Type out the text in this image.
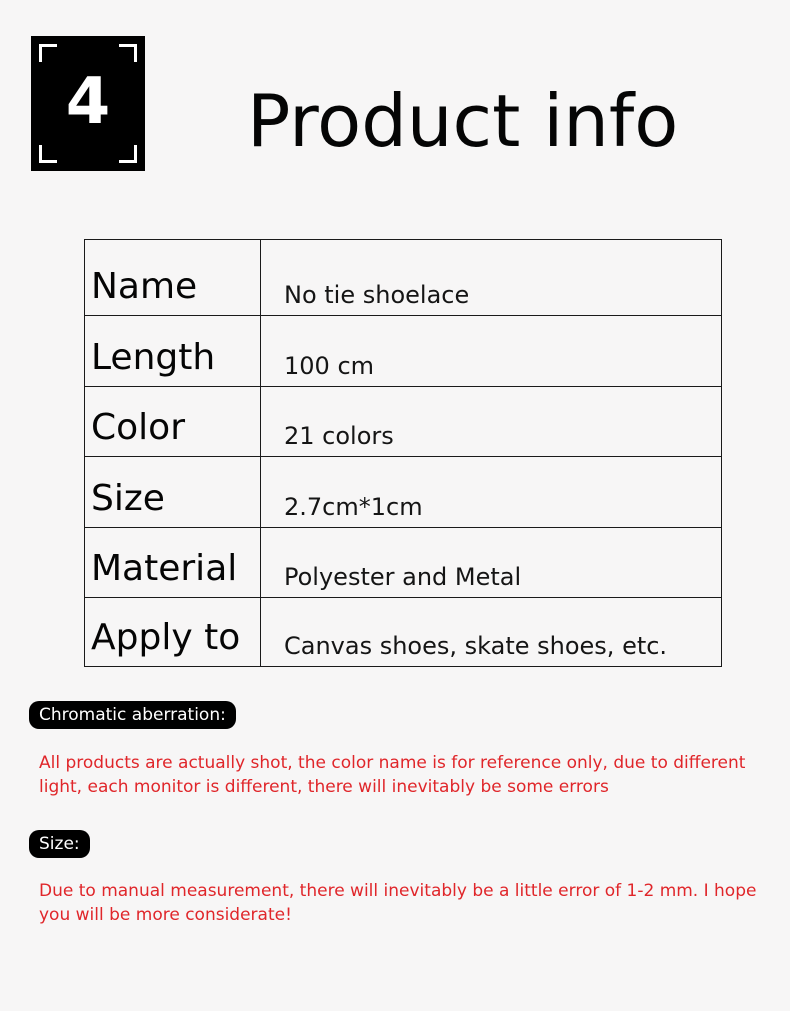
4	Product info
Name	No tie shoelace
Length	100 cm
Color	21 colors
Size	2.7cm*1cm
Material	Polyester and Metal
Apply to	Canvas shoes, skate shoes, etc.
Chromatic aberration:

All products are actually shot, the color name is for reference only, due to different light, each monitor is different, there will inevitably be some errors

Size:

Due to manual measurement, there will inevitably be a little error of 1-2 mm. I hope you will be more considerate!
